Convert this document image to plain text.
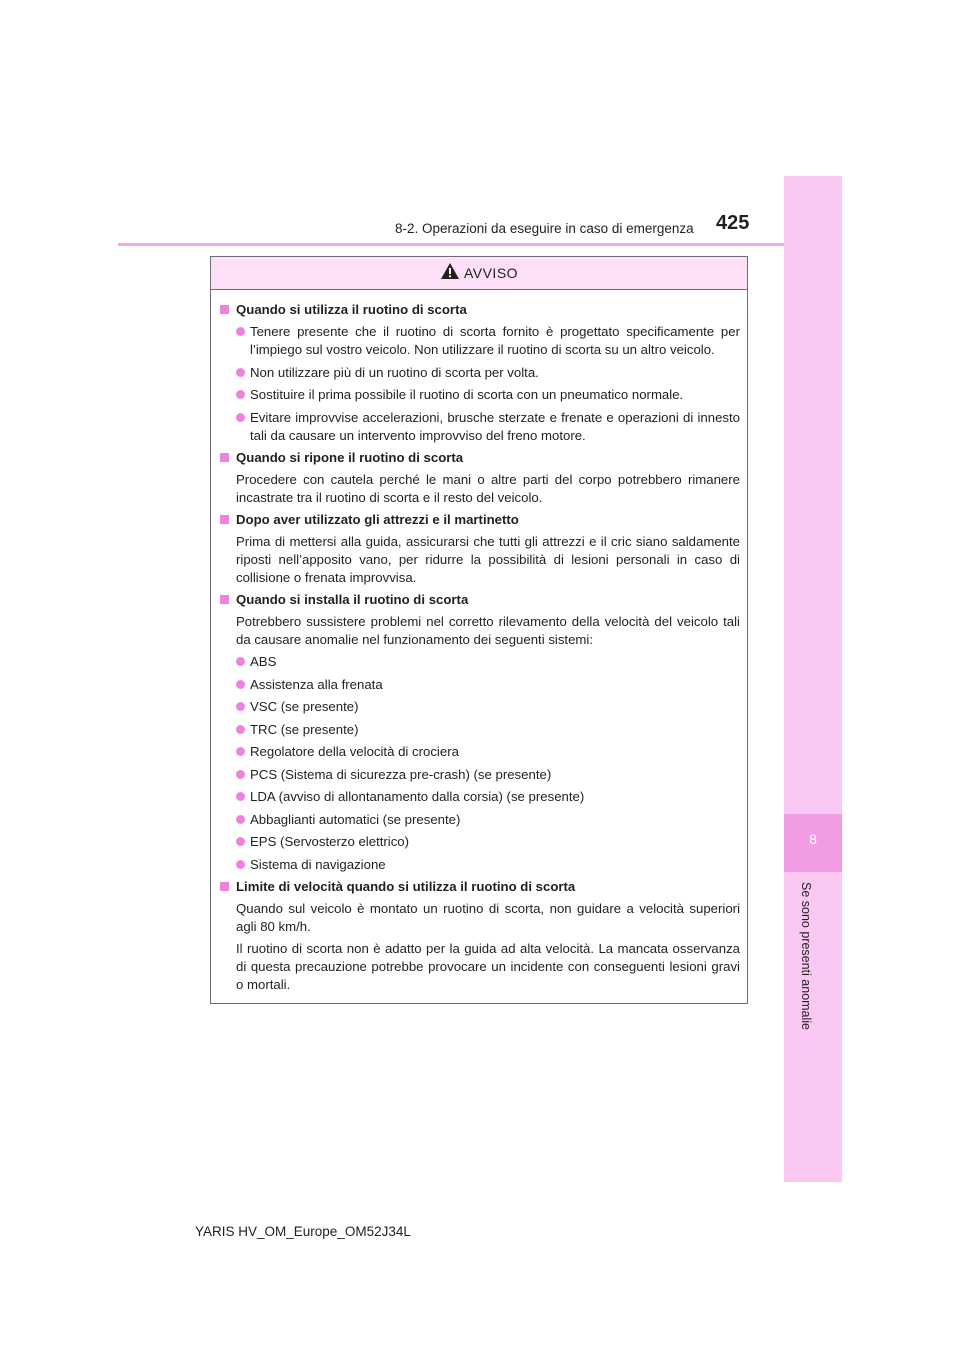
8-2. Operazioni da eseguire in caso di emergenza 425
8
Se sono presenti anomalie
AVVISO
Quando si utilizza il ruotino di scorta
Tenere presente che il ruotino di scorta fornito è progettato specificamente per l’impiego sul vostro veicolo. Non utilizzare il ruotino di scorta su un altro veicolo.
Non utilizzare più di un ruotino di scorta per volta.
Sostituire il prima possibile il ruotino di scorta con un pneumatico normale.
Evitare improvvise accelerazioni, brusche sterzate e frenate e operazioni di innesto tali da causare un intervento improvviso del freno motore.
Quando si ripone il ruotino di scorta
Procedere con cautela perché le mani o altre parti del corpo potrebbero rimanere incastrate tra il ruotino di scorta e il resto del veicolo.
Dopo aver utilizzato gli attrezzi e il martinetto
Prima di mettersi alla guida, assicurarsi che tutti gli attrezzi e il cric siano saldamente riposti nell’apposito vano, per ridurre la possibilità di lesioni personali in caso di collisione o frenata improvvisa.
Quando si installa il ruotino di scorta
Potrebbero sussistere problemi nel corretto rilevamento della velocità del veicolo tali da causare anomalie nel funzionamento dei seguenti sistemi:
ABS
Assistenza alla frenata
VSC (se presente)
TRC (se presente)
Regolatore della velocità di crociera
PCS (Sistema di sicurezza pre-crash) (se presente)
LDA (avviso di allontanamento dalla corsia) (se presente)
Abbaglianti automatici (se presente)
EPS (Servosterzo elettrico)
Sistema di navigazione
Limite di velocità quando si utilizza il ruotino di scorta
Quando sul veicolo è montato un ruotino di scorta, non guidare a velocità superiori agli 80 km/h.
Il ruotino di scorta non è adatto per la guida ad alta velocità. La mancata osservanza di questa precauzione potrebbe provocare un incidente con conseguenti lesioni gravi o mortali.
YARIS HV_OM_Europe_OM52J34L
